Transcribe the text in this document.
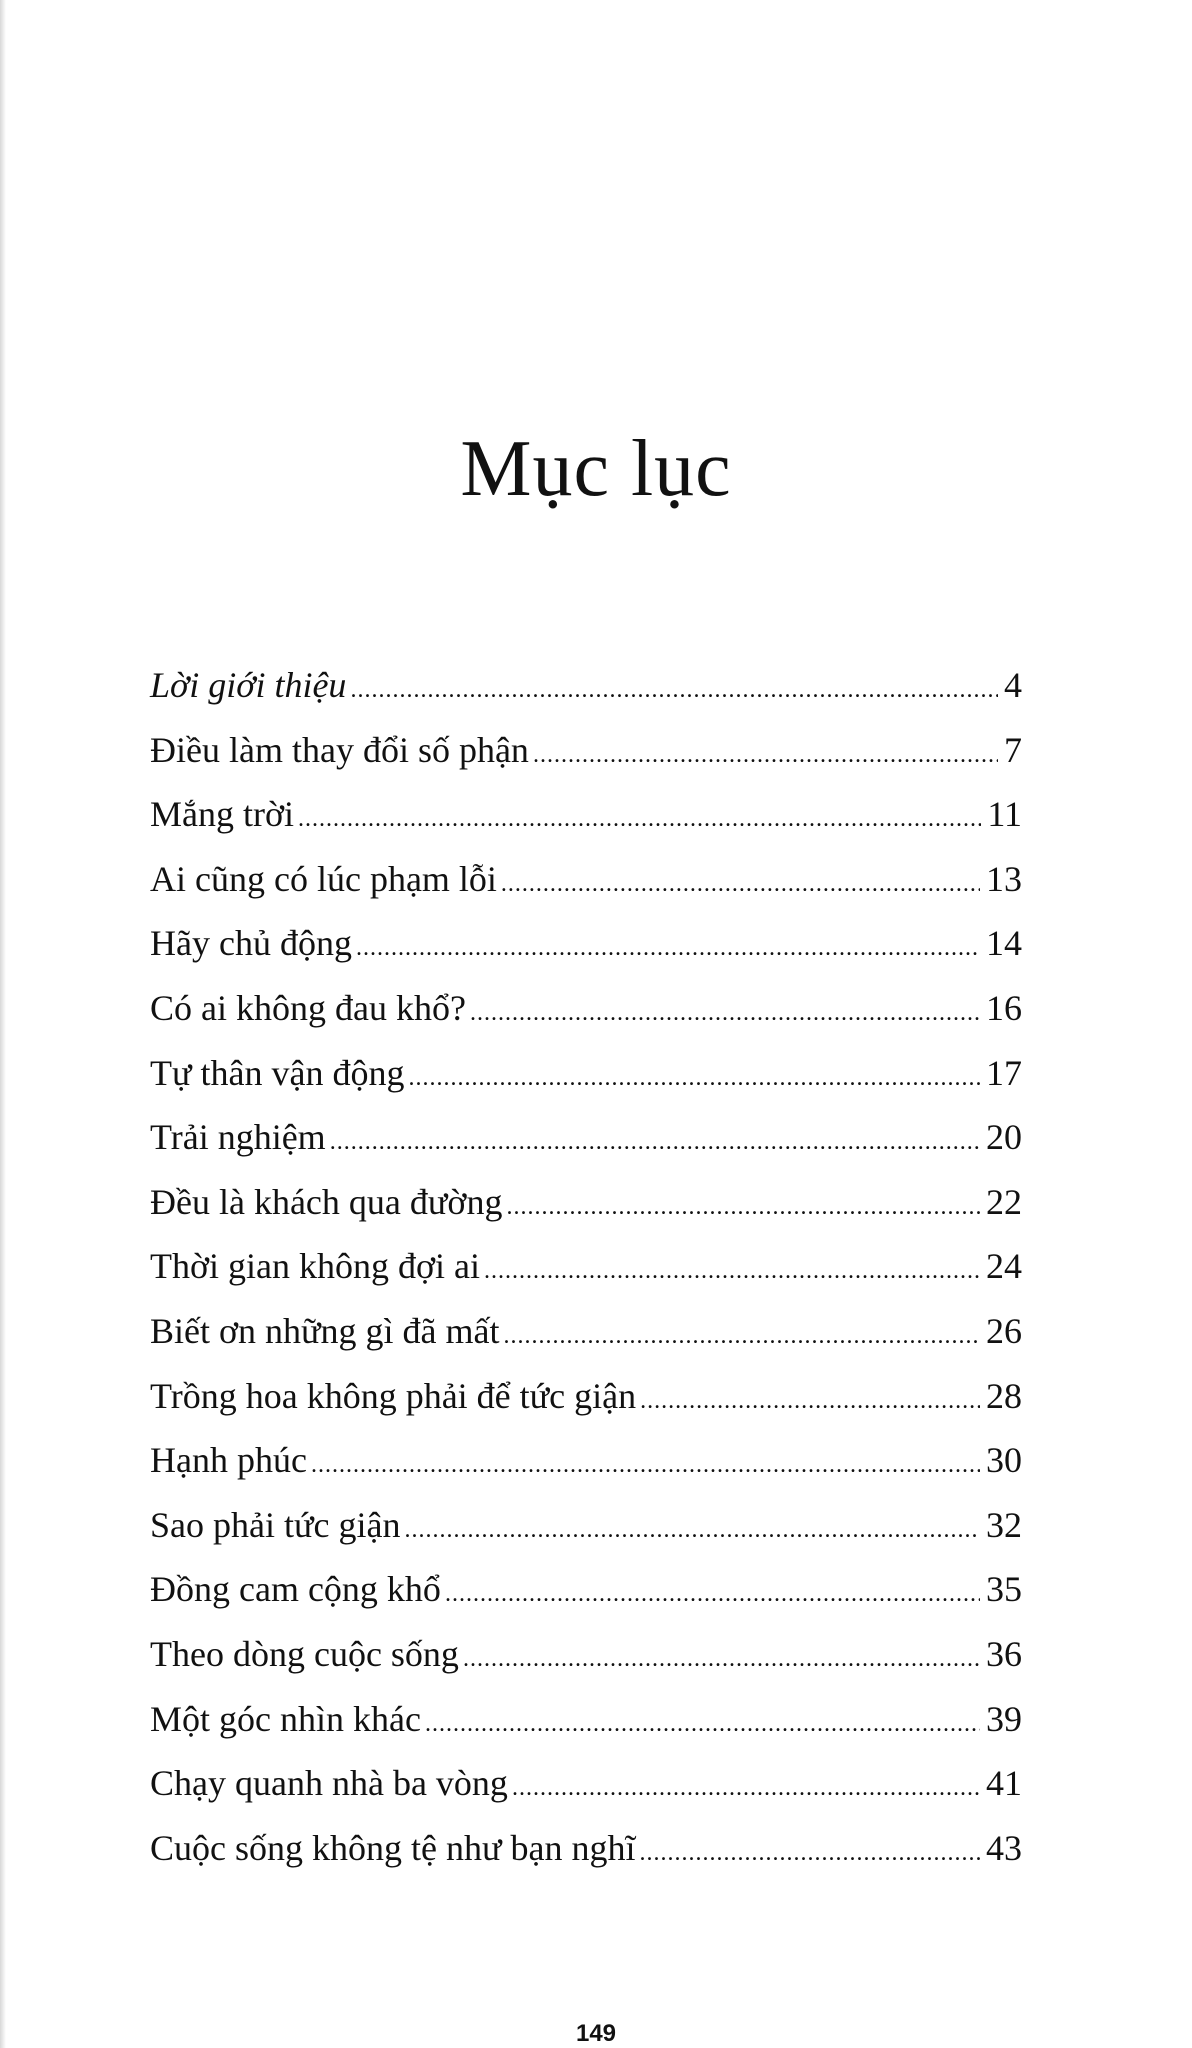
Mục lục
Lời giới thiệu .....	4
Điều làm thay đổi số phận .....	7
Mắng trời .....	11
Ai cũng có lúc phạm lỗi .....	13
Hãy chủ động .....	14
Có ai không đau khổ? .....	16
Tự thân vận động .....	17
Trải nghiệm .....	20
Đều là khách qua đường .....	22
Thời gian không đợi ai .....	24
Biết ơn những gì đã mất .....	26
Trồng hoa không phải để tức giận .....	28
Hạnh phúc .....	30
Sao phải tức giận .....	32
Đồng cam cộng khổ .....	35
Theo dòng cuộc sống .....	36
Một góc nhìn khác .....	39
Chạy quanh nhà ba vòng .....	41
Cuộc sống không tệ như bạn nghĩ .....	43
149
